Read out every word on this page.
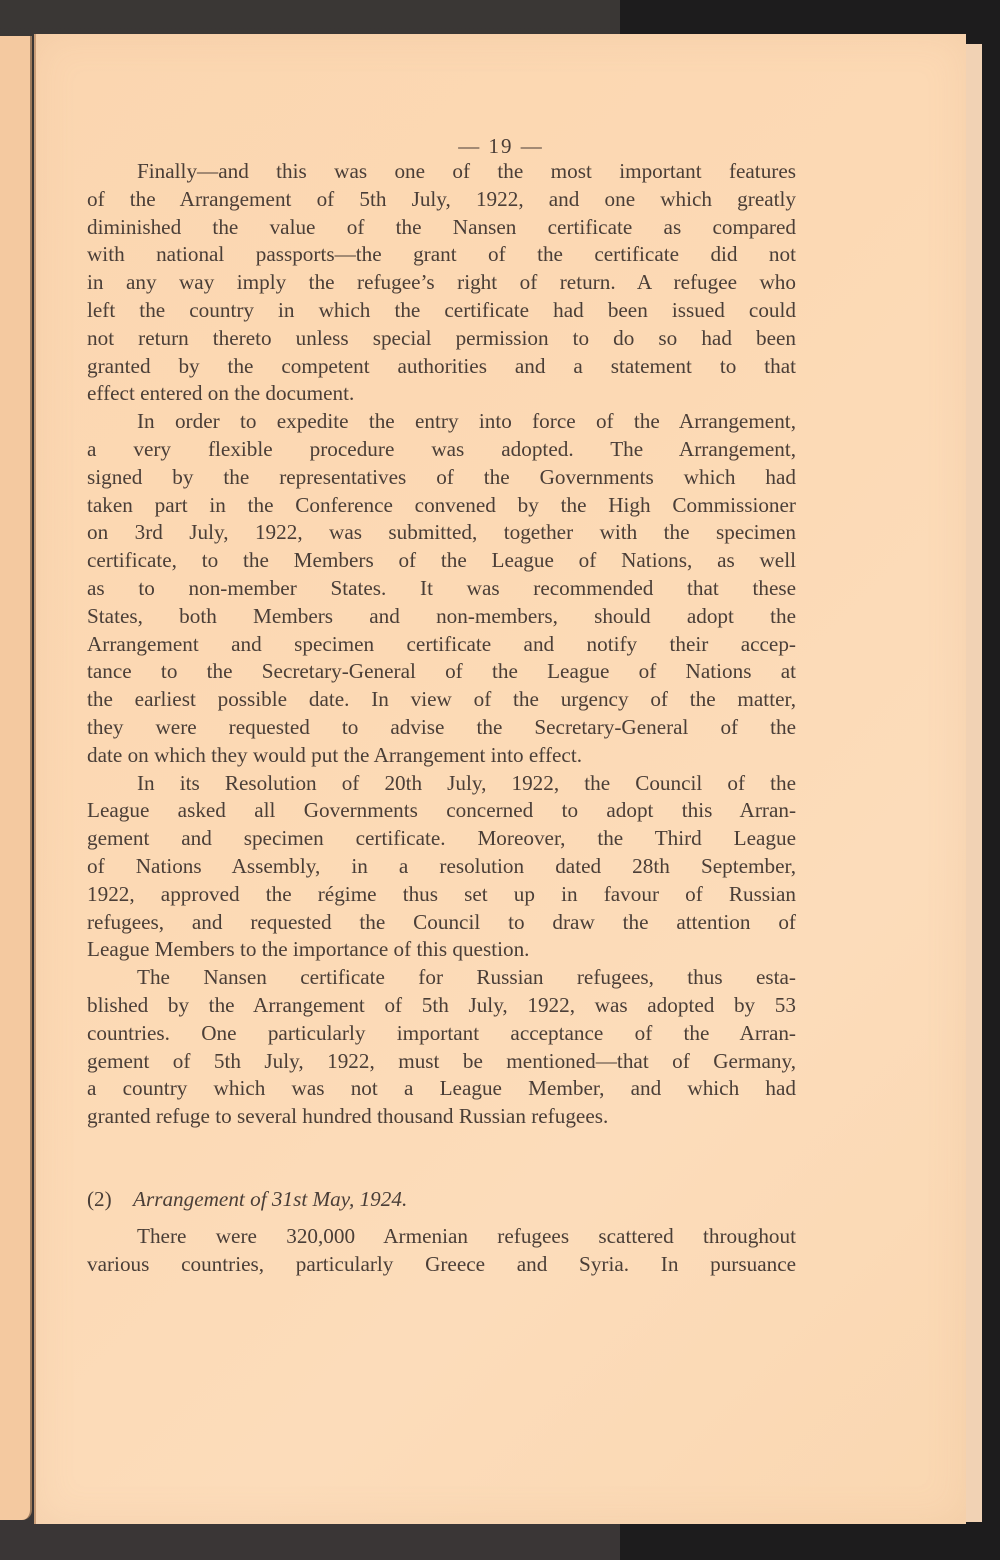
— 19 —
Finally—and this was one of the most important features
of the Arrangement of 5th July, 1922, and one which greatly
diminished the value of the Nansen certificate as compared
with national passports—the grant of the certificate did not
in any way imply the refugee’s right of return. A refugee who
left the country in which the certificate had been issued could
not return thereto unless special permission to do so had been
granted by the competent authorities and a statement to that
effect entered on the document.
In order to expedite the entry into force of the Arrangement,
a very flexible procedure was adopted. The Arrangement,
signed by the representatives of the Governments which had
taken part in the Conference convened by the High Commissioner
on 3rd July, 1922, was submitted, together with the specimen
certificate, to the Members of the League of Nations, as well
as to non-member States. It was recommended that these
States, both Members and non-members, should adopt the
Arrangement and specimen certificate and notify their accep-
tance to the Secretary-General of the League of Nations at
the earliest possible date. In view of the urgency of the matter,
they were requested to advise the Secretary-General of the
date on which they would put the Arrangement into effect.
In its Resolution of 20th July, 1922, the Council of the
League asked all Governments concerned to adopt this Arran-
gement and specimen certificate. Moreover, the Third League
of Nations Assembly, in a resolution dated 28th September,
1922, approved the régime thus set up in favour of Russian
refugees, and requested the Council to draw the attention of
League Members to the importance of this question.
The Nansen certificate for Russian refugees, thus esta-
blished by the Arrangement of 5th July, 1922, was adopted by 53
countries. One particularly important acceptance of the Arran-
gement of 5th July, 1922, must be mentioned—that of Germany,
a country which was not a League Member, and which had
granted refuge to several hundred thousand Russian refugees.
(2) Arrangement of 31st May, 1924.
There were 320,000 Armenian refugees scattered throughout
various countries, particularly Greece and Syria. In pursuance
